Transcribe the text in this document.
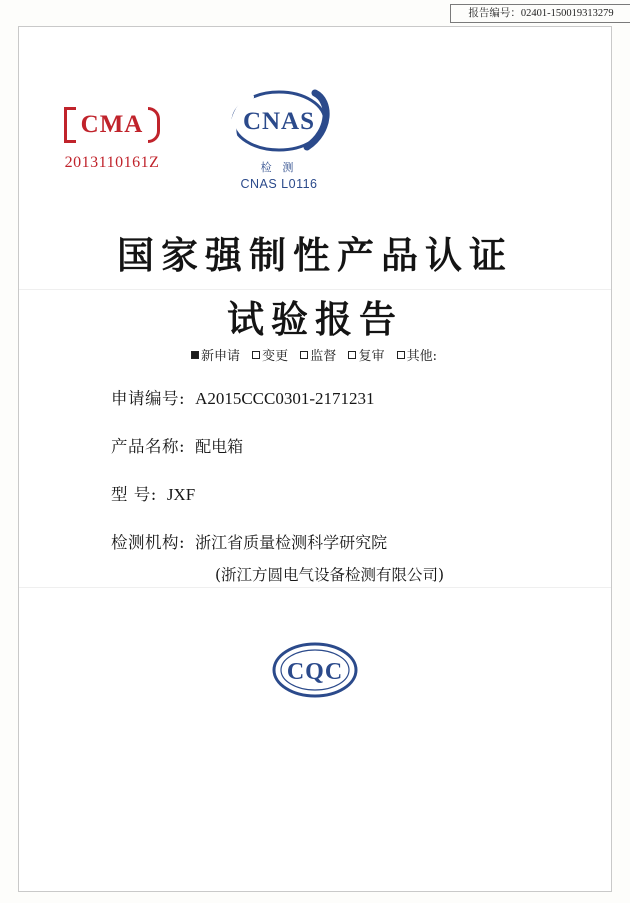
报告编号：02401-150019313279
CMA
2013110161Z
CNAS
检 测
CNAS L0116
国家强制性产品认证
试验报告
新申请 变更 监督 复审 其他:
申请编号: A2015CCC0301-2171231
产品名称: 配电箱
型 号: JXF
检测机构: 浙江省质量检测科学研究院
(浙江方圆电气设备检测有限公司)
CQC
